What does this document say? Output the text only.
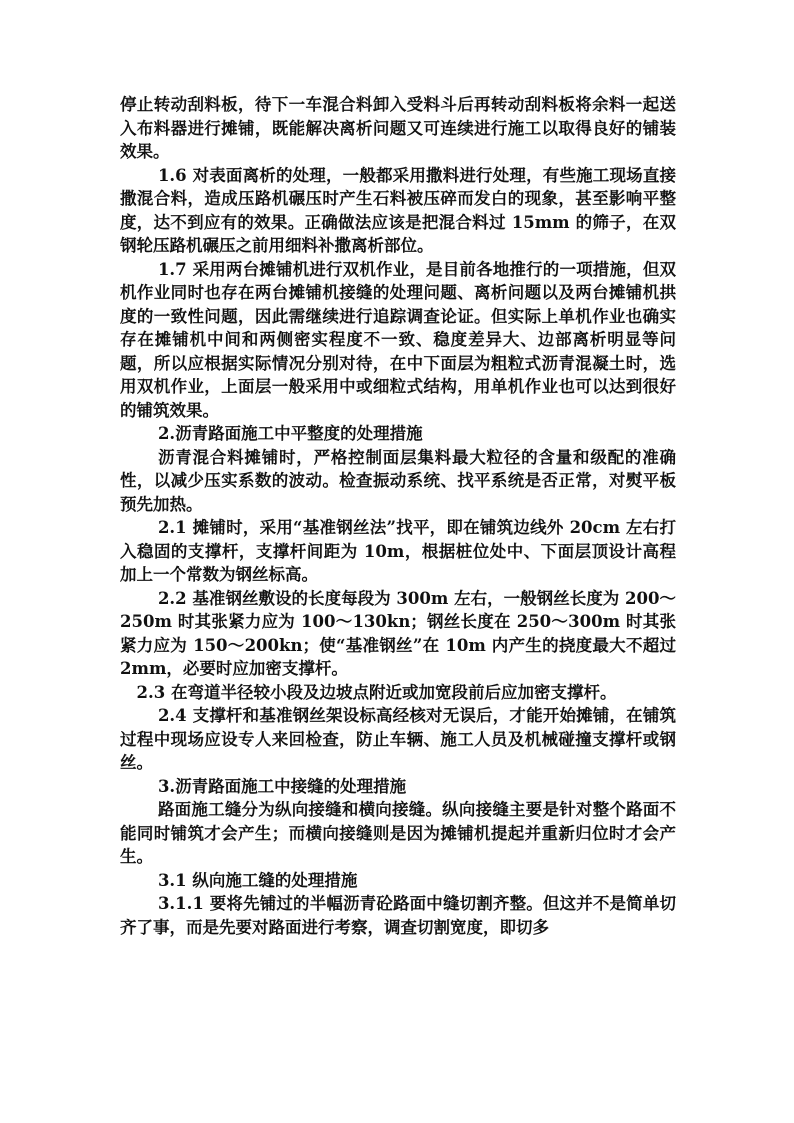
停止转动刮料板，待下一车混合料卸入受料斗后再转动刮料板将余料一起送入布料器进行摊铺，既能解决离析问题又可连续进行施工以取得良好的铺装效果。

1.6 对表面离析的处理，一般都采用撒料进行处理，有些施工现场直接撒混合料，造成压路机碾压时产生石料被压碎而发白的现象，甚至影响平整度，达不到应有的效果。正确做法应该是把混合料过 15mm 的筛子，在双钢轮压路机碾压之前用细料补撒离析部位。

1.7 采用两台摊铺机进行双机作业，是目前各地推行的一项措施，但双机作业同时也存在两台摊铺机接缝的处理问题、离析问题以及两台摊铺机拱度的一致性问题，因此需继续进行追踪调查论证。但实际上单机作业也确实存在摊铺机中间和两侧密实程度不一致、稳度差异大、边部离析明显等问题，所以应根据实际情况分别对待，在中下面层为粗粒式沥青混凝土时，选用双机作业，上面层一般采用中或细粒式结构，用单机作业也可以达到很好的铺筑效果。

2.沥青路面施工中平整度的处理措施

沥青混合料摊铺时，严格控制面层集料最大粒径的含量和级配的准确性，以减少压实系数的波动。检查振动系统、找平系统是否正常，对熨平板预先加热。

2.1 摊铺时，采用“基准钢丝法”找平，即在铺筑边线外 20cm 左右打入稳固的支撑杆，支撑杆间距为 10m，根据桩位处中、下面层顶设计高程加上一个常数为钢丝标高。

2.2 基准钢丝敷设的长度每段为 300m 左右，一般钢丝长度为 200～250m 时其张紧力应为 100～130kn；钢丝长度在 250～300m 时其张紧力应为 150～200kn；使“基准钢丝”在 10m 内产生的挠度最大不超过 2mm，必要时应加密支撑杆。

2.3 在弯道半径较小段及边坡点附近或加宽段前后应加密支撑杆。

2.4 支撑杆和基准钢丝架设标高经核对无误后，才能开始摊铺，在铺筑过程中现场应设专人来回检查，防止车辆、施工人员及机械碰撞支撑杆或钢丝。

3.沥青路面施工中接缝的处理措施

路面施工缝分为纵向接缝和横向接缝。纵向接缝主要是针对整个路面不能同时铺筑才会产生；而横向接缝则是因为摊铺机提起并重新归位时才会产生。

3.1 纵向施工缝的处理措施

3.1.1 要将先铺过的半幅沥青砼路面中缝切割齐整。但这并不是简单切齐了事，而是先要对路面进行考察，调查切割宽度，即切多
